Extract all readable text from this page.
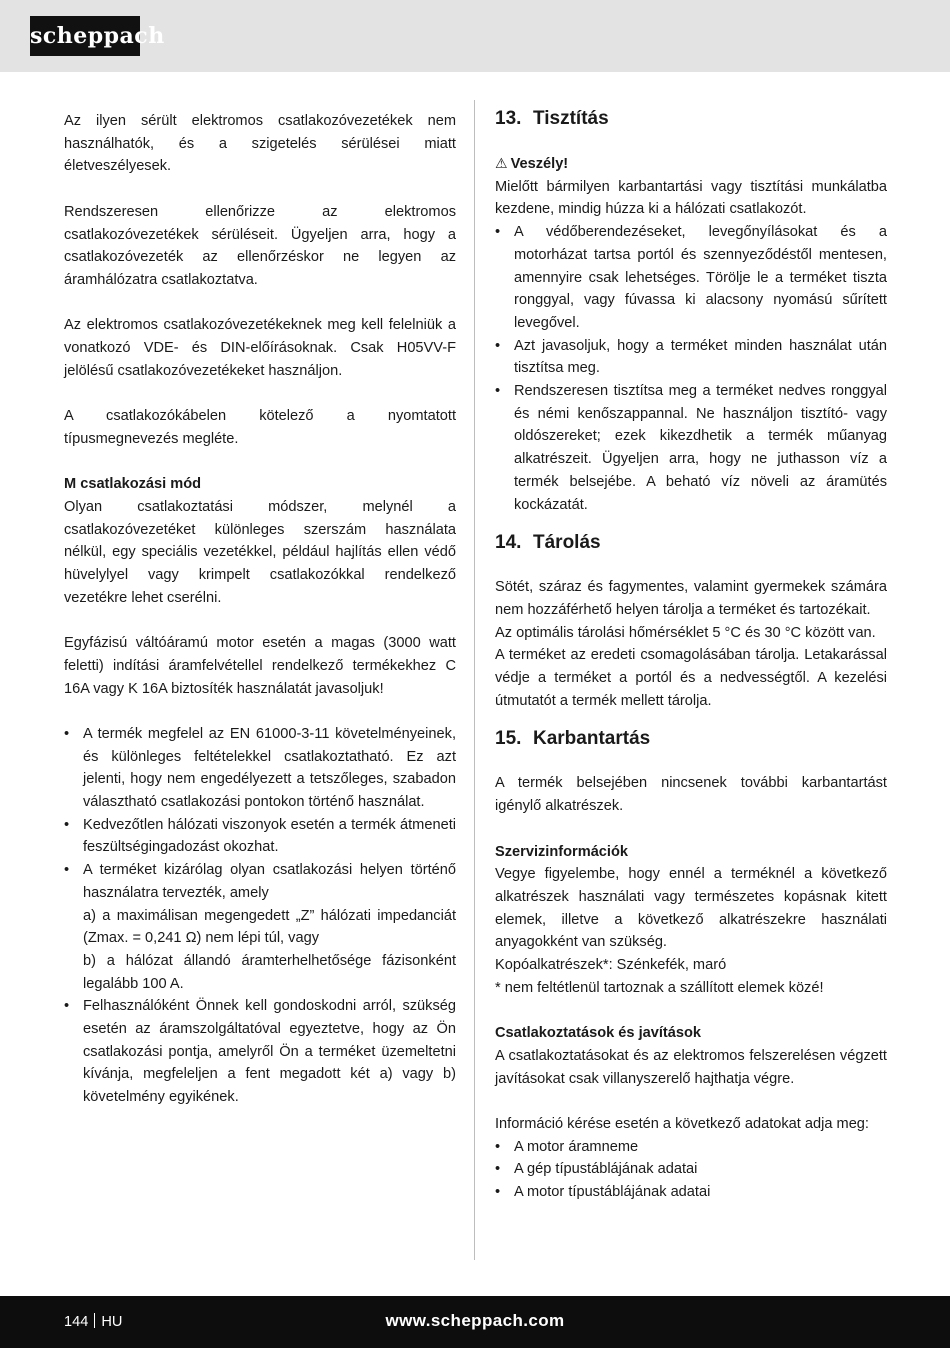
scheppach

Az ilyen sérült elektromos csatlakozóvezetékek nem használhatók, és a szigetelés sérülései miatt életveszélyesek.

Rendszeresen ellenőrizze az elektromos csatlakozóvezetékek sérüléseit. Ügyeljen arra, hogy a csatlakozóvezeték az ellenőrzéskor ne legyen az áramhálózatra csatlakoztatva.

Az elektromos csatlakozóvezetékeknek meg kell felelniük a vonatkozó VDE- és DIN-előírásoknak. Csak H05VV-F jelölésű csatlakozóvezetékeket használjon.

A csatlakozókábelen kötelező a nyomtatott típusmegnevezés megléte.

M csatlakozási mód

Olyan csatlakoztatási módszer, melynél a csatlakozóvezetéket különleges szerszám használata nélkül, egy speciális vezetékkel, például hajlítás ellen védő hüvelylyel vagy krimpelt csatlakozókkal rendelkező vezetékre lehet cserélni.

Egyfázisú váltóáramú motor esetén a magas (3000 watt feletti) indítási áramfelvétellel rendelkező termékekhez C 16A vagy K 16A biztosíték használatát javasoljuk!

• A termék megfelel az EN 61000-3-11 követelményeinek, és különleges feltételekkel csatlakoztatható. Ez azt jelenti, hogy nem engedélyezett a tetszőleges, szabadon választható csatlakozási pontokon történő használat.
• Kedvezőtlen hálózati viszonyok esetén a termék átmeneti feszültségingadozást okozhat.

• A terméket kizárólag olyan csatlakozási helyen történő használatra tervezték, amely

a) a maximálisan megengedett „Z” hálózati impedanciát (Zmax. = 0,241 Ω) nem lépi túl, vagy

b) a hálózat állandó áramterhelhetősége fázisonként legalább 100 A.

• Felhasználóként Önnek kell gondoskodni arról, szükség esetén az áramszolgáltatóval egyeztetve, hogy az Ön csatlakozási pontja, amelyről Ön a terméket üzemeltetni kívánja, megfeleljen a fent megadott két a) vagy b) követelmény egyikének.
13. Tisztítás

⚠ Veszély!

Mielőtt bármilyen karbantartási vagy tisztítási munkálatba kezdene, mindig húzza ki a hálózati csatlakozót.

• A védőberendezéseket, levegőnyílásokat és a motorházat tartsa portól és szennyeződéstől mentesen, amennyire csak lehetséges. Törölje le a terméket tiszta ronggyal, vagy fúvassa ki alacsony nyomású sűrített levegővel.
• Azt javasoljuk, hogy a terméket minden használat után tisztítsa meg.
• Rendszeresen tisztítsa meg a terméket nedves ronggyal és némi kenőszappannal. Ne használjon tisztító- vagy oldószereket; ezek kikezdhetik a termék műanyag alkatrészeit. Ügyeljen arra, hogy ne juthasson víz a termék belsejébe. A beható víz növeli az áramütés kockázatát.
14. Tárolás

Sötét, száraz és fagymentes, valamint gyermekek számára nem hozzáférhető helyen tárolja a terméket és tartozékait.

Az optimális tárolási hőmérséklet 5 °C és 30 °C között van.

A terméket az eredeti csomagolásában tárolja. Letakarással védje a terméket a portól és a nedvességtől. A kezelési útmutatót a termék mellett tárolja.

15. Karbantartás

A termék belsejében nincsenek további karbantartást igénylő alkatrészek.

Szervizinformációk

Vegye figyelembe, hogy ennél a terméknél a következő alkatrészek használati vagy természetes kopásnak kitett elemek, illetve a következő alkatrészekre használati anyagokként van szükség.

Kopóalkatrészek*: Szénkefék, maró

* nem feltétlenül tartoznak a szállított elemek közé!

Csatlakoztatások és javítások

A csatlakoztatásokat és az elektromos felszerelésen végzett javításokat csak villanyszerelő hajthatja végre.

Információ kérése esetén a következő adatokat adja meg:

• A motor áramneme
• A gép típustáblájának adatai
• A motor típustáblájának adatai
144 HU	www.scheppach.com
